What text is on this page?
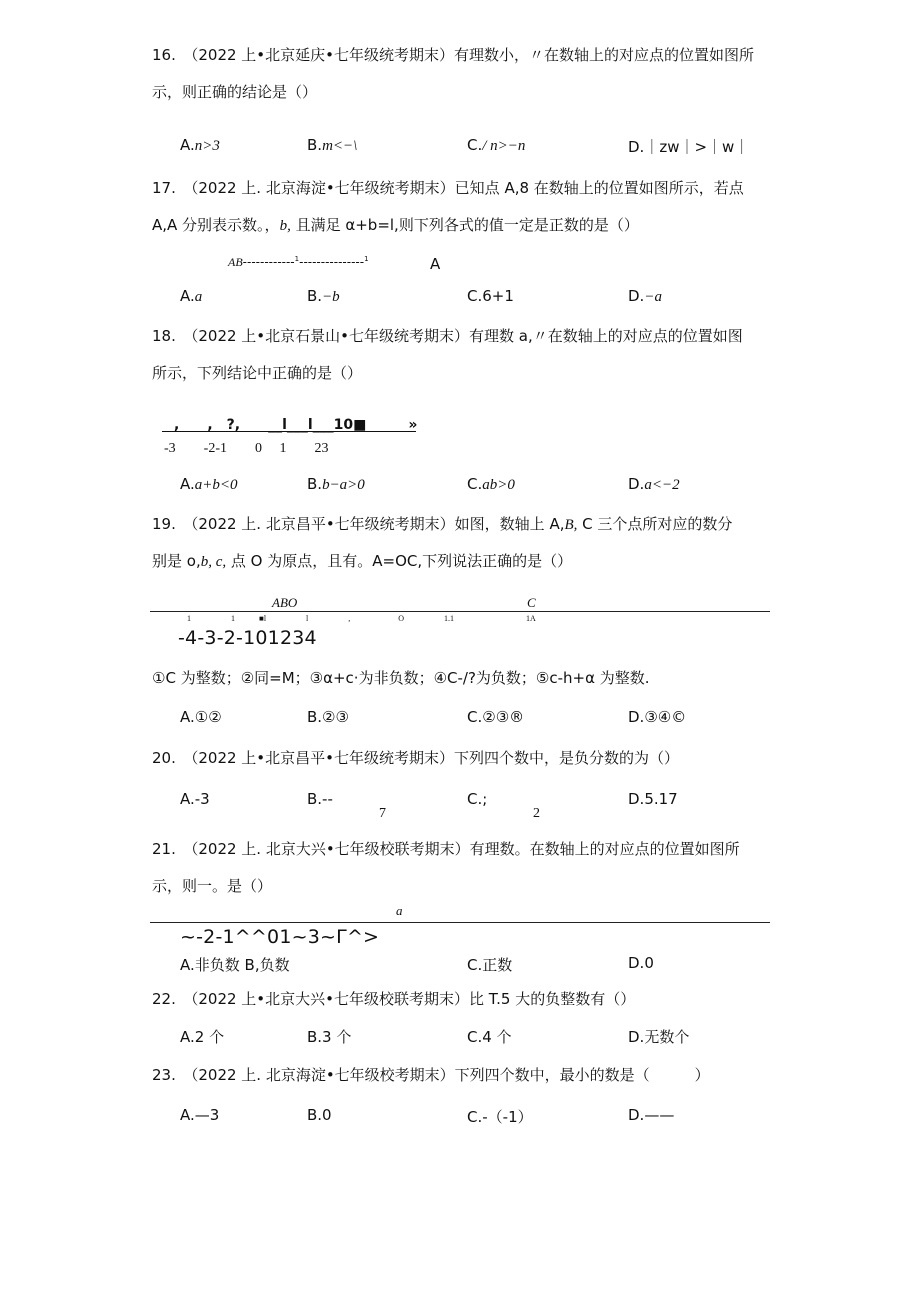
16.　（2022 上•北京延庆•七年级统考期末）有理数小，〃在数轴上的对应点的位置如图所
示，则正确的结论是（）
A.n>3	B.m<−\	C./ n>−n	D.｜zw｜>｜w｜
17.　（2022 上. 北京海淀•七年级统考期末）已知点 A,8 在数轴上的位置如图所示，若点
A,A 分别表示数。，b, 且满足 α+b=l,则下列各式的值一定是正数的是（）
AB------------$^1$---------------$^1$	A
A.a	B.−b	C.6+1	D.−a
18.　（2022 上•北京石景山•七年级统考期末）有理数 a,〃在数轴上的对应点的位置如图
所示，下列结论中正确的是（）
,　　,　?,　　__l___l___10■　　　»
-3　　-2-1　　0　 1　　23
A.a+b<0	B.b−a>0	C.ab>0	D.a<−2
19.　（2022 上. 北京昌平•七年级统考期末）如图，数轴上 A,B, C 三个点所对应的数分
别是 o,b, c, 点 O 为原点，且有。A=OC,下列说法正确的是（）
ABO	C
1　　　　　1　　　■l　　　　　l　　　　　,　　　　　　O　　　　　1.1　　　　　　　　　1A
-4-3-2-101234
①C 为整数；②同=M；③α+c·为非负数；④C-/?为负数；⑤c-h+α 为整数.
A.①②	B.②③	C.②③®	D.③④©
20.　（2022 上•北京昌平•七年级统考期末）下列四个数中，是负分数的为（）
A.-3	B.--
7
C.;
2
D.5.17
21.　（2022 上. 北京大兴•七年级校联考期末）有理数。在数轴上的对应点的位置如图所
示，则一。是（）
a
~-2-1^^01~3~Γ^>
A.非负数 B,负数	C.正数	D.0
22.　（2022 上•北京大兴•七年级校联考期末）比 T.5 大的负整数有（）
A.2 个	B.3 个	C.4 个	D.无数个
23.　（2022 上. 北京海淀•七年级校考期末）下列四个数中，最小的数是（　　　）
A.—3	B.0	C.-（-1）	D.——
